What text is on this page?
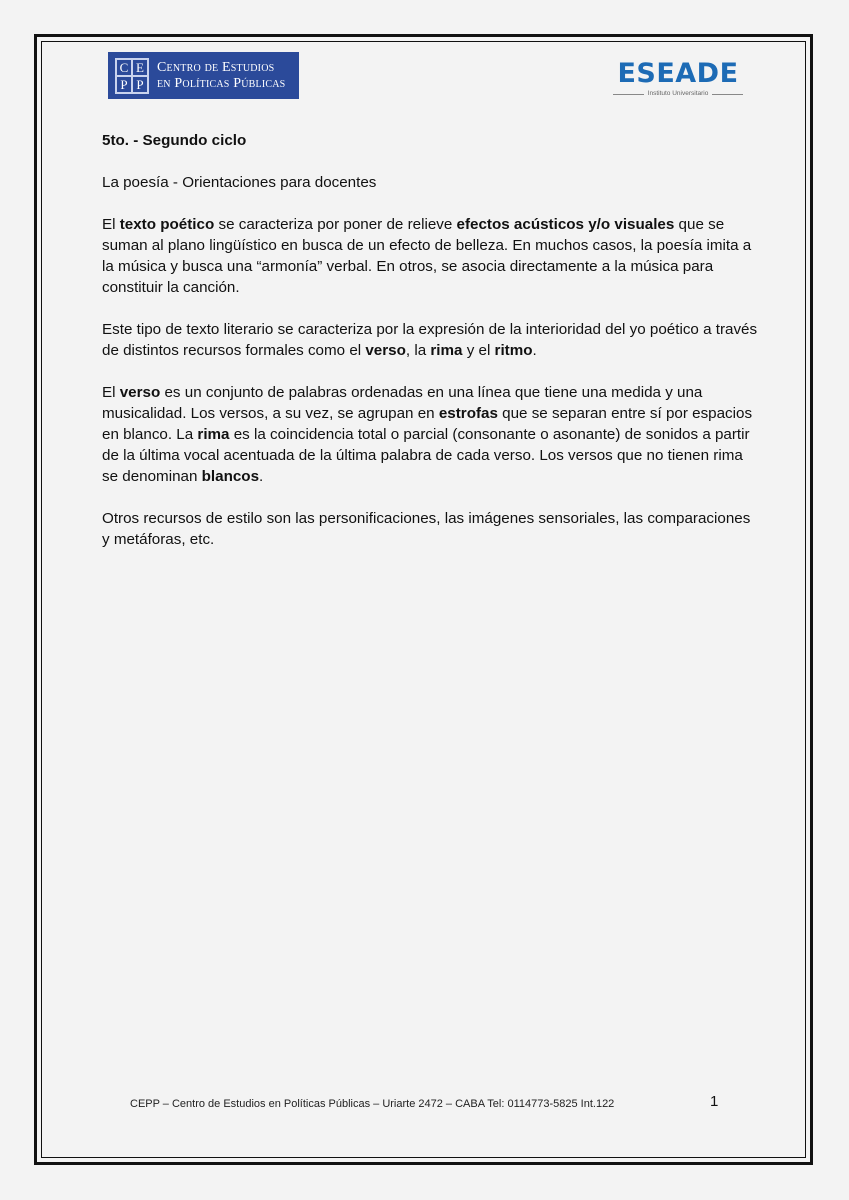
C E
P P
Centro de Estudios
en Políticas Públicas	ESEADE
Instituto Universitario

5to. - Segundo ciclo

La poesía - Orientaciones para docentes

El texto poético se caracteriza por poner de relieve efectos acústicos y/o visuales que se suman al plano lingüístico en busca de un efecto de belleza. En muchos casos, la poesía imita a la música y busca una “armonía” verbal. En otros, se asocia directamente a la música para constituir la canción.

Este tipo de texto literario se caracteriza por la expresión de la interioridad del yo poético a través de distintos recursos formales como el verso, la rima y el ritmo.

El verso es un conjunto de palabras ordenadas en una línea que tiene una medida y una musicalidad. Los versos, a su vez, se agrupan en estrofas que se separan entre sí por espacios en blanco. La rima es la coincidencia total o parcial (consonante o asonante) de sonidos a partir de la última vocal acentuada de la última palabra de cada verso. Los versos que no tienen rima se denominan blancos.

Otros recursos de estilo son las personificaciones, las imágenes sensoriales, las comparaciones y metáforas, etc.

CEPP – Centro de Estudios en Políticas Públicas – Uriarte 2472 – CABA Tel: 0114773-5825 Int.122	1
